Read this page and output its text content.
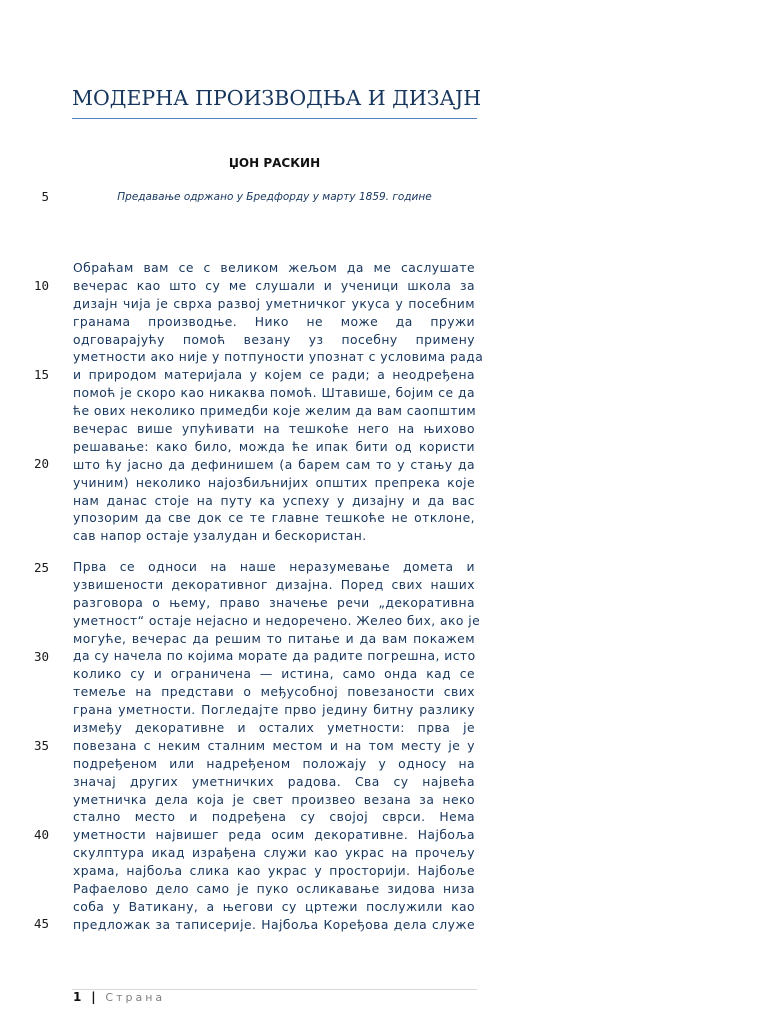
МОДЕРНА ПРОИЗВОДЊА И ДИЗАЈН
ЏОН РАСКИН
Предавање одржано у Бредфорду у марту 1859. године
5
10
15
20
25
30
35
40
45
Обраћам вам се с великом жељом да ме саслушате
вечерас као што су ме слушали и ученици школа за
дизајн чија је сврха развој уметничког укуса у посебним
гранама производње. Нико не може да пружи
одговарајућу помоћ везану уз посебну примену
уметности ако није у потпуности упознат с условима рада
и природом материјала у којем се ради; а неодређена
помоћ је скоро као никаква помоћ. Штавише, бојим се да
ће ових неколико примедби које желим да вам саопштим
вечерас више упућивати на тешкоће него на њихово
решавање: како било, можда ће ипак бити од користи
што ћу јасно да дефинишем (а барем сам то у стању да
учиним) неколико најозбиљнијих општих препрека које
нам данас стоје на путу ка успеху у дизајну и да вас
упозорим да све док се те главне тешкоће не отклоне,
сав напор остаје узалудан и бескористан.
Прва се односи на наше неразумевање домета и
узвишености декоративног дизајна. Поред свих наших
разговора о њему, право значење речи „декоративна
уметност“ остаје нејасно и недоречено. Желео бих, ако је
могуће, вечерас да решим то питање и да вам покажем
да су начела по којима морате да радите погрешна, исто
колико су и ограничена — истина, само онда кад се
темеље на представи о међусобној повезаности свих
грана уметности. Погледајте прво једину битну разлику
између декоративне и осталих уметности: прва је
повезана с неким сталним местом и на том месту је у
подређеном или надређеном положају у односу на
значај других уметничких радова. Сва су највећа
уметничка дела која је свет произвео везана за неко
стално место и подређена су својој сврси. Нема
уметности највишег реда осим декоративне. Најбоља
скулптура икад израђена служи као украс на прочељу
храма, најбоља слика као украс у просторији. Најбоље
Рафаелово дело само је пуко осликавање зидова низа
соба у Ватикану, а његови су цртежи послужили као
предложак за таписерије. Најбоља Коређова дела служе
1 | Страна
